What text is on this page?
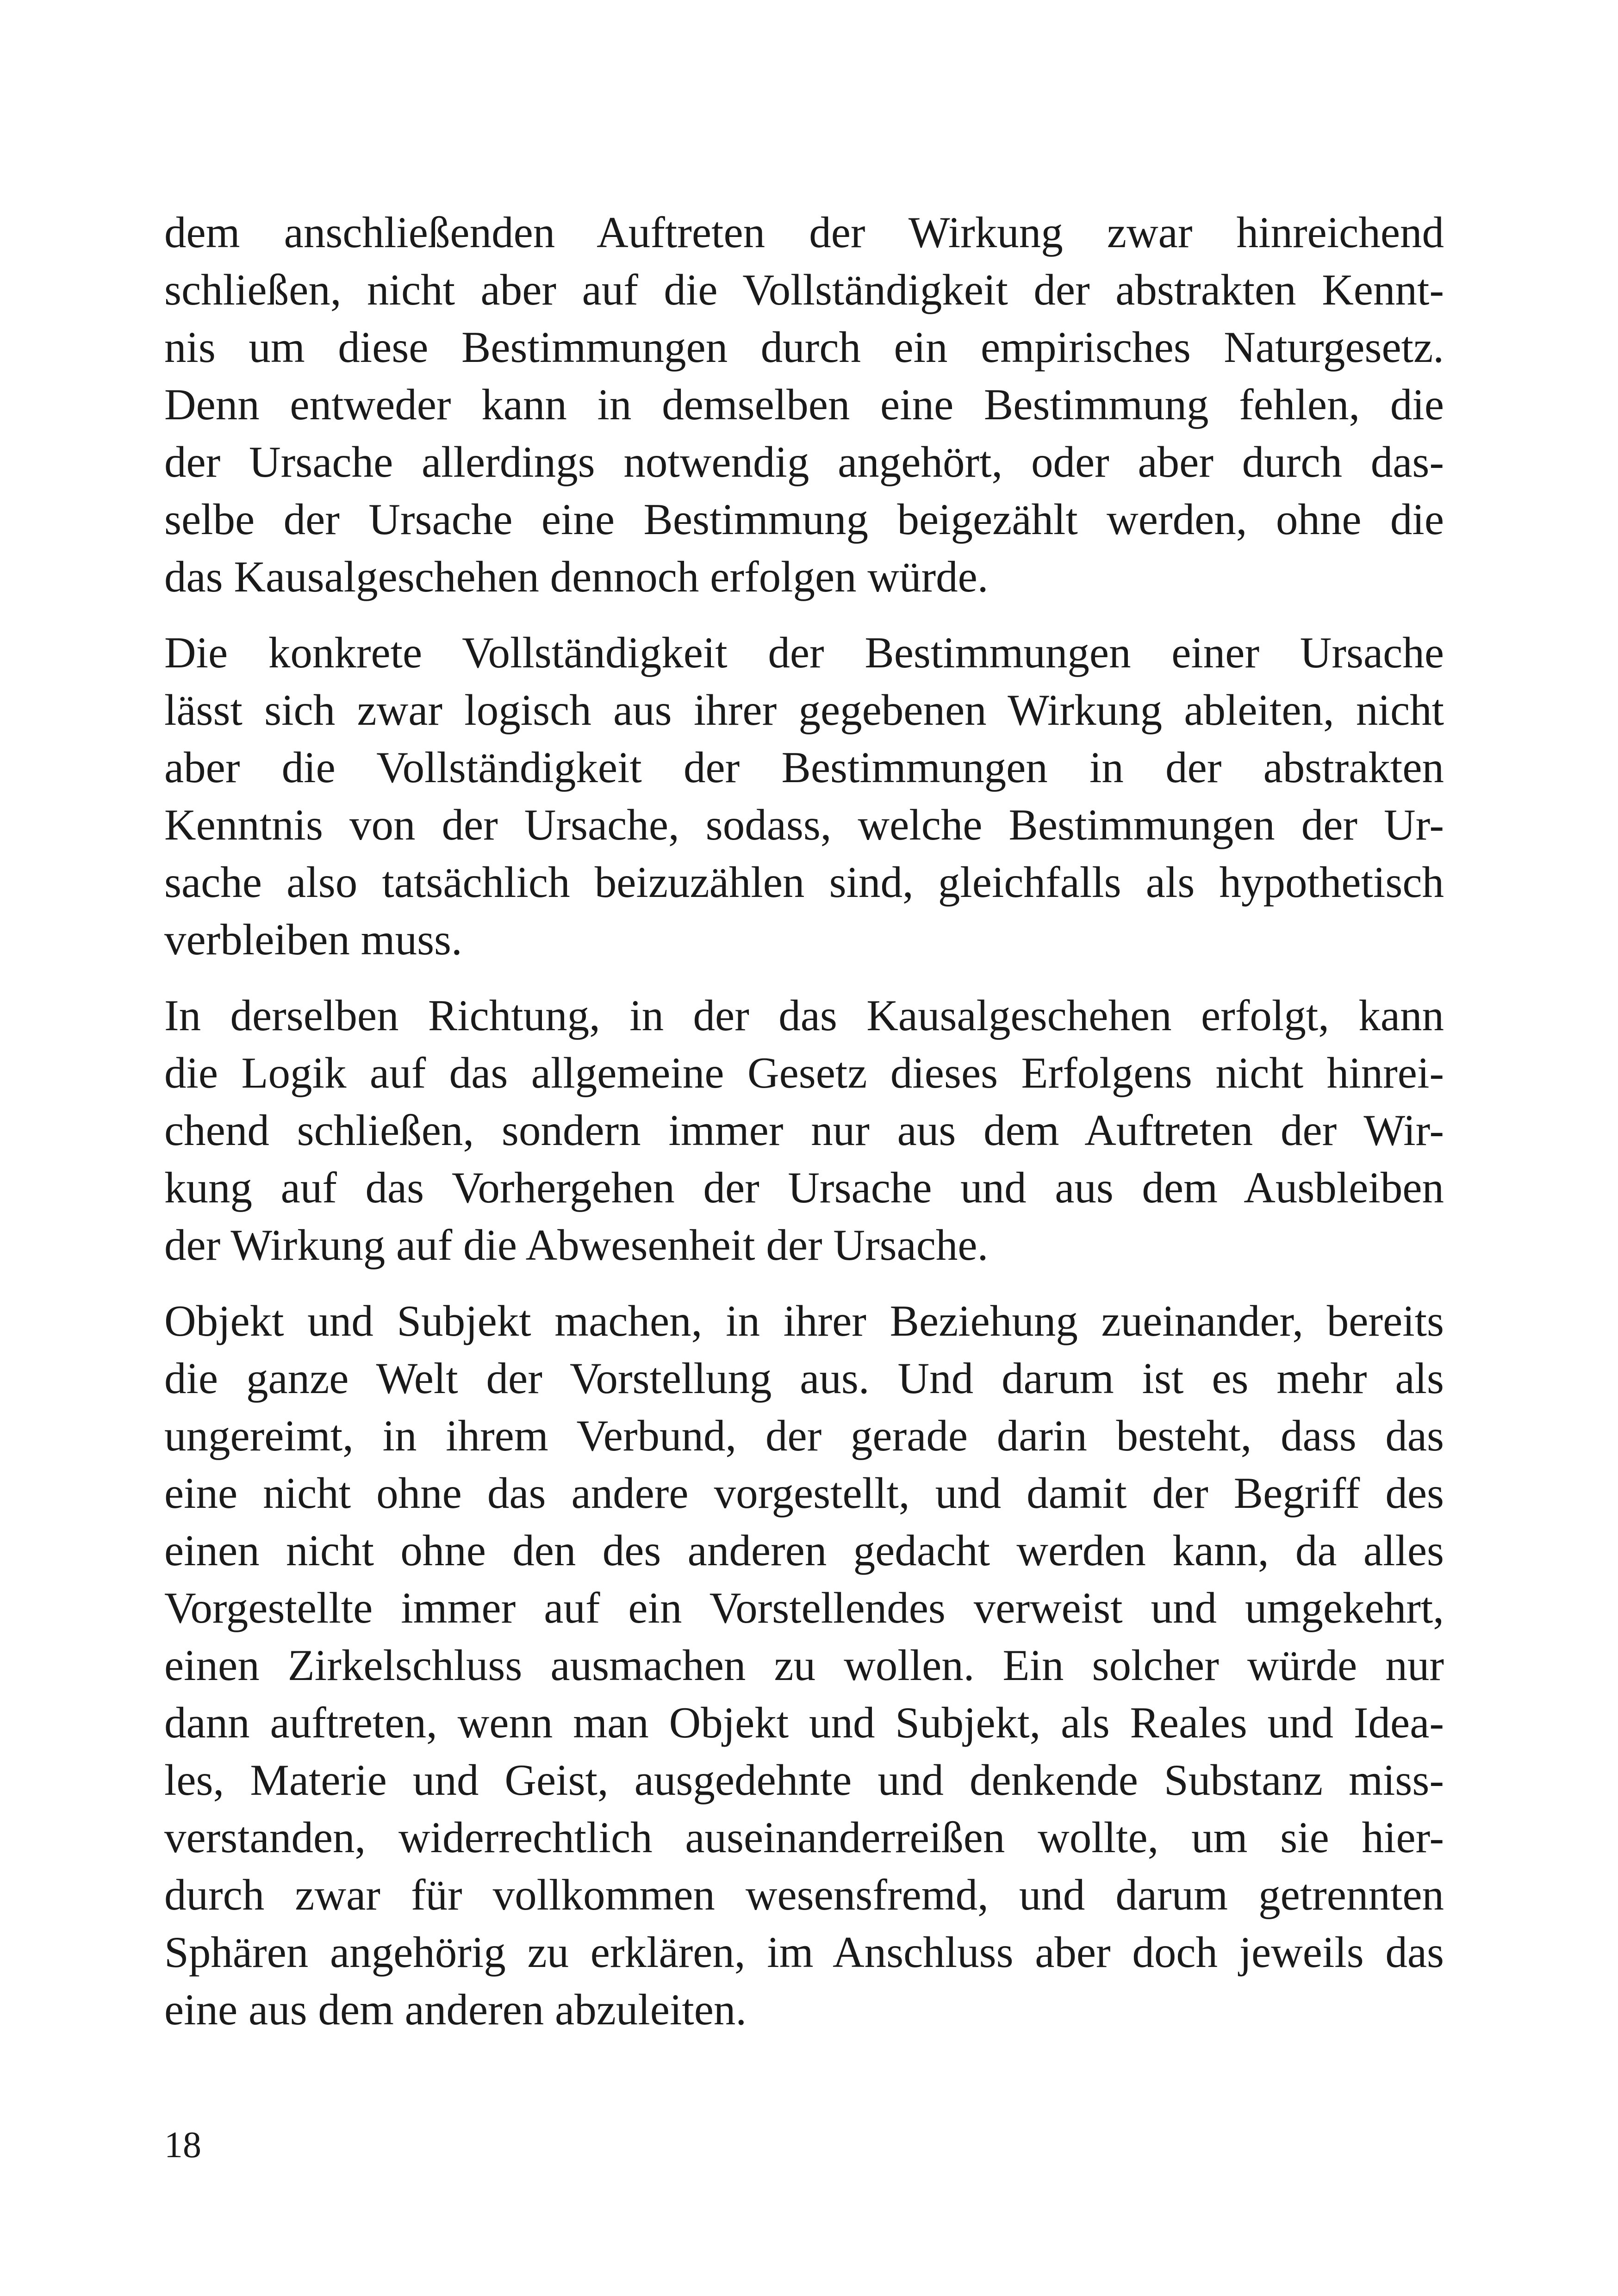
dem anschließenden Auftreten der Wirkung zwar hinreichend
schließen, nicht aber auf die Vollständigkeit der abstrakten Kennt-
nis um diese Bestimmungen durch ein empirisches Naturgesetz.
Denn entweder kann in demselben eine Bestimmung fehlen, die
der Ursache allerdings notwendig angehört, oder aber durch das-
selbe der Ursache eine Bestimmung beigezählt werden, ohne die
das Kausalgeschehen dennoch erfolgen würde.
Die konkrete Vollständigkeit der Bestimmungen einer Ursache
lässt sich zwar logisch aus ihrer gegebenen Wirkung ableiten, nicht
aber die Vollständigkeit der Bestimmungen in der abstrakten
Kenntnis von der Ursache, sodass, welche Bestimmungen der Ur-
sache also tatsächlich beizuzählen sind, gleichfalls als hypothetisch
verbleiben muss.
In derselben Richtung, in der das Kausalgeschehen erfolgt, kann
die Logik auf das allgemeine Gesetz dieses Erfolgens nicht hinrei-
chend schließen, sondern immer nur aus dem Auftreten der Wir-
kung auf das Vorhergehen der Ursache und aus dem Ausbleiben
der Wirkung auf die Abwesenheit der Ursache.
Objekt und Subjekt machen, in ihrer Beziehung zueinander, bereits
die ganze Welt der Vorstellung aus. Und darum ist es mehr als
ungereimt, in ihrem Verbund, der gerade darin besteht, dass das
eine nicht ohne das andere vorgestellt, und damit der Begriff des
einen nicht ohne den des anderen gedacht werden kann, da alles
Vorgestellte immer auf ein Vorstellendes verweist und umgekehrt,
einen Zirkelschluss ausmachen zu wollen. Ein solcher würde nur
dann auftreten, wenn man Objekt und Subjekt, als Reales und Idea-
les, Materie und Geist, ausgedehnte und denkende Substanz miss-
verstanden, widerrechtlich auseinanderreißen wollte, um sie hier-
durch zwar für vollkommen wesensfremd, und darum getrennten
Sphären angehörig zu erklären, im Anschluss aber doch jeweils das
eine aus dem anderen abzuleiten.
18
